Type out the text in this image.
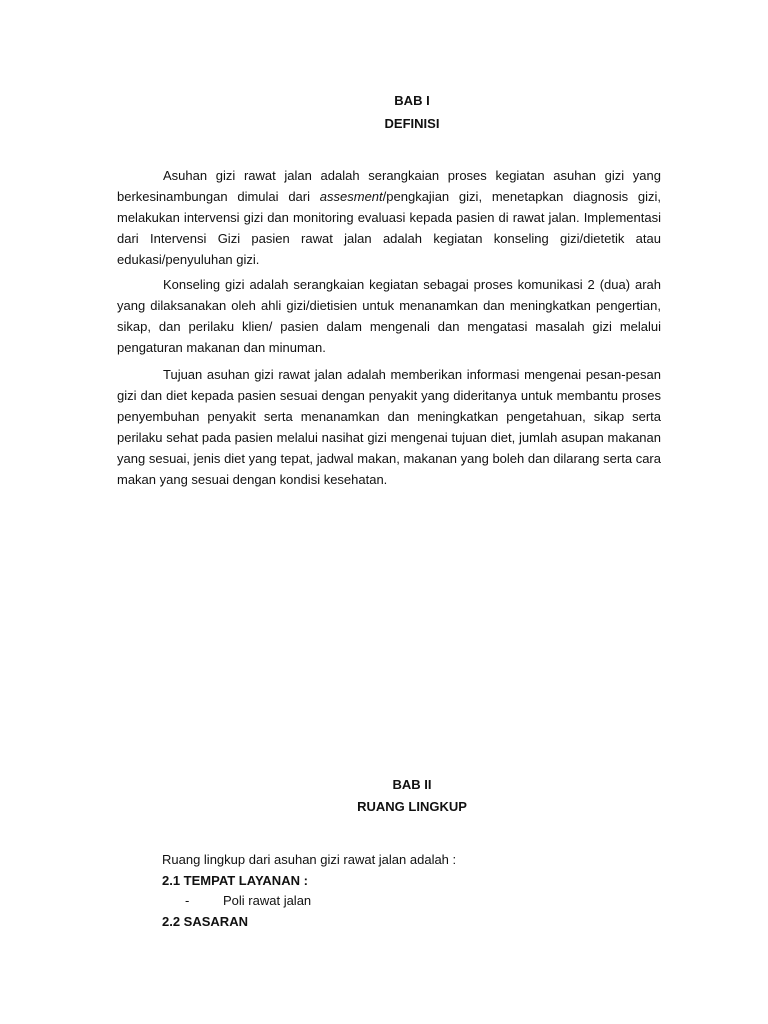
BAB I
DEFINISI

Asuhan gizi rawat jalan adalah serangkaian proses kegiatan asuhan gizi yang berkesinambungan dimulai dari assesment/pengkajian gizi, menetapkan diagnosis gizi, melakukan intervensi gizi dan monitoring evaluasi kepada pasien di rawat jalan. Implementasi dari Intervensi Gizi pasien rawat jalan adalah kegiatan konseling gizi/dietetik atau edukasi/penyuluhan gizi.

Konseling gizi adalah serangkaian kegiatan sebagai proses komunikasi 2 (dua) arah yang dilaksanakan oleh ahli gizi/dietisien untuk menanamkan dan meningkatkan pengertian, sikap, dan perilaku klien/ pasien dalam mengenali dan mengatasi masalah gizi melalui pengaturan makanan dan minuman.

Tujuan asuhan gizi rawat jalan adalah memberikan informasi mengenai pesan-pesan gizi dan diet kepada pasien sesuai dengan penyakit yang dideritanya untuk membantu proses penyembuhan penyakit serta menanamkan dan meningkatkan pengetahuan, sikap serta perilaku sehat pada pasien melalui nasihat gizi mengenai tujuan diet, jumlah asupan makanan yang sesuai, jenis diet yang tepat, jadwal makan, makanan yang boleh dan dilarang serta cara makan yang sesuai dengan kondisi kesehatan.

BAB II
RUANG LINGKUP

Ruang lingkup dari asuhan gizi rawat jalan adalah :

2.1 TEMPAT LAYANAN :

-	Poli rawat jalan

2.2 SASARAN
